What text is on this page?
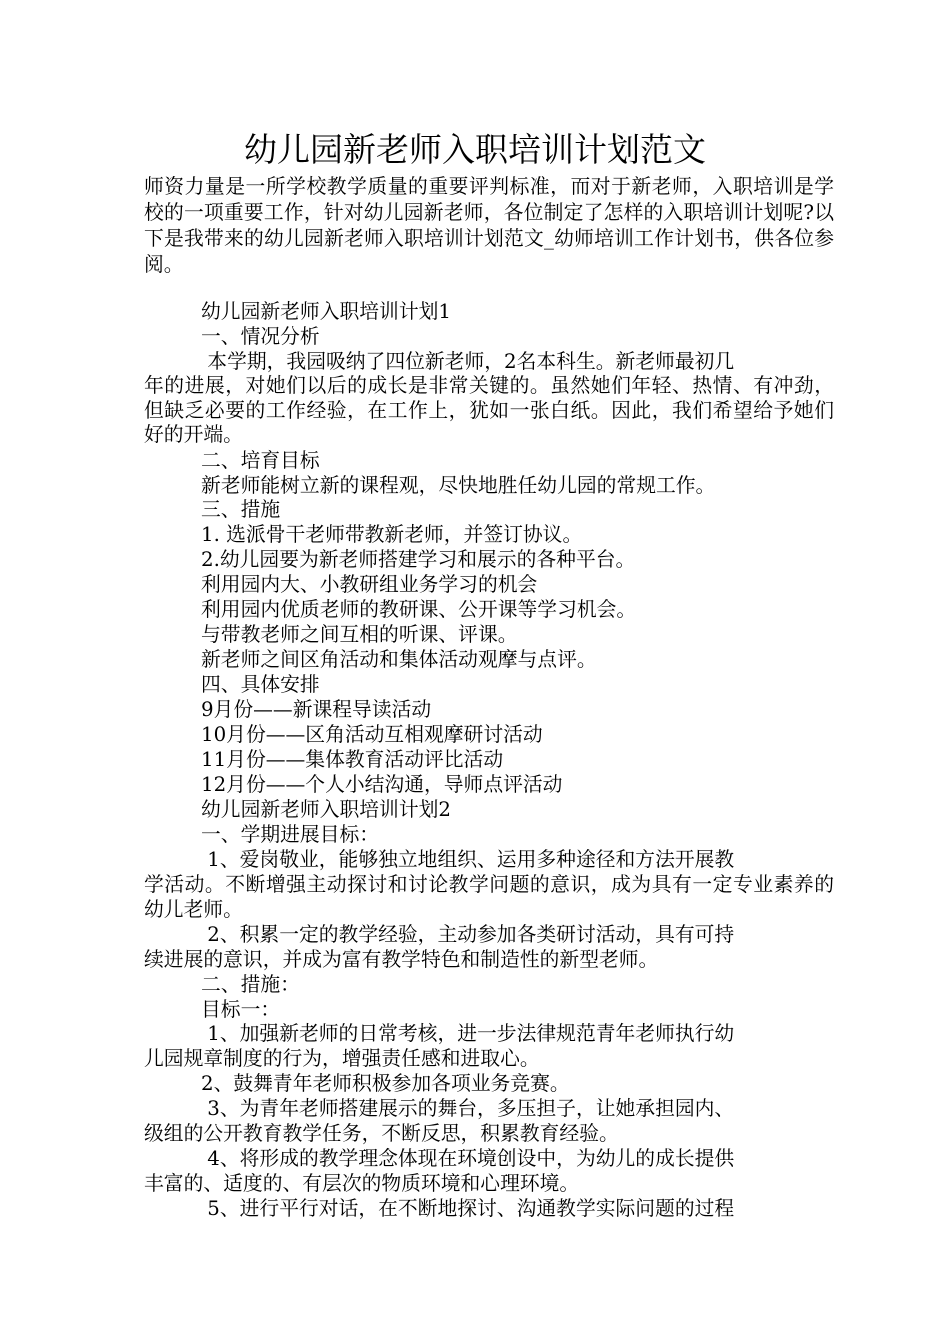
幼儿园新老师入职培训计划范文
师资力量是一所学校教学质量的重要评判标准，而对于新老师，入职培训是学校的一项重要工作，针对幼儿园新老师，各位制定了怎样的入职培训计划呢?以下是我带来的幼儿园新老师入职培训计划范文_幼师培训工作计划书，供各位参阅。
幼儿园新老师入职培训计划1
一、情况分析
本学期，我园吸纳了四位新老师，2名本科生。新老师最初几
年的进展，对她们以后的成长是非常关键的。虽然她们年轻、热情、有冲劲，但缺乏必要的工作经验，在工作上，犹如一张白纸。因此，我们希望给予她们好的开端。
二、培育目标
新老师能树立新的课程观，尽快地胜任幼儿园的常规工作。
三、措施
1. 选派骨干老师带教新老师，并签订协议。
2.幼儿园要为新老师搭建学习和展示的各种平台。
利用园内大、小教研组业务学习的机会
利用园内优质老师的教研课、公开课等学习机会。
与带教老师之间互相的听课、评课。
新老师之间区角活动和集体活动观摩与点评。
四、具体安排
9月份——新课程导读活动
10月份——区角活动互相观摩研讨活动
11月份——集体教育活动评比活动
12月份——个人小结沟通，导师点评活动
幼儿园新老师入职培训计划2
一、学期进展目标：
1、爱岗敬业，能够独立地组织、运用多种途径和方法开展教
学活动。不断增强主动探讨和讨论教学问题的意识，成为具有一定专业素养的幼儿老师。
2、积累一定的教学经验，主动参加各类研讨活动，具有可持
续进展的意识，并成为富有教学特色和制造性的新型老师。
二、措施：
目标一：
1、加强新老师的日常考核，进一步法律规范青年老师执行幼
儿园规章制度的行为，增强责任感和进取心。
2、鼓舞青年老师积极参加各项业务竞赛。
3、为青年老师搭建展示的舞台，多压担子，让她承担园内、
级组的公开教育教学任务，不断反思，积累教育经验。
4、将形成的教学理念体现在环境创设中，为幼儿的成长提供
丰富的、适度的、有层次的物质环境和心理环境。
5、进行平行对话，在不断地探讨、沟通教学实际问题的过程
